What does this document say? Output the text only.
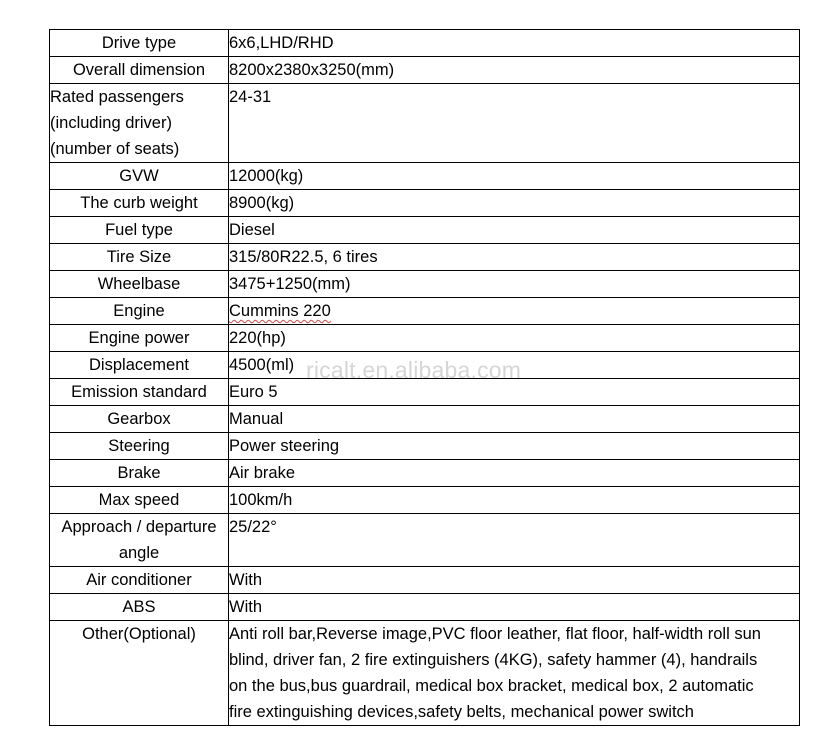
Drive type	6x6,LHD/RHD
Overall dimension	8200x2380x3250(mm)

Rated passengers
(including driver)
(number of seats)	24-31
GVW	12000(kg)
The curb weight	8900(kg)
Fuel type	Diesel
Tire Size	315/80R22.5, 6 tires
Wheelbase	3475+1250(mm)
Engine	Cummins 220
Engine power	220(hp)
Displacement	4500(ml)
Emission standard	Euro 5
Gearbox	Manual
Steering	Power steering
Brake	Air brake
Max speed	100km/h

Approach / departure
angle	25/22°
Air conditioner	With
ABS	With
Other(Optional)	Anti roll bar,Reverse image,PVC floor leather, flat floor, half-width roll sun
blind, driver fan, 2 fire extinguishers (4KG), safety hammer (4), handrails
on the bus,bus guardrail, medical box bracket, medical box, 2 automatic
fire extinguishing devices,safety belts, mechanical power switch
ricalt.en.alibaba.com
